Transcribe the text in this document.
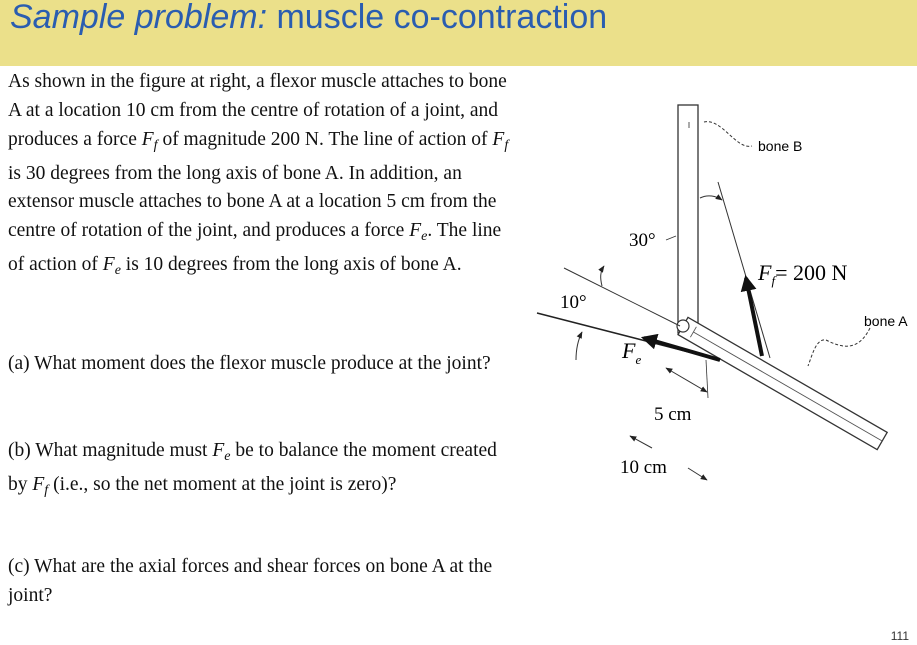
Sample problem: muscle co-contraction

As shown in the figure at right, a flexor muscle attaches to bone A at a location 10 cm from the centre of rotation of a joint, and produces a force $F_f$ of magnitude 200 N. The line of action of $F_f$ is 30 degrees from the long axis of bone A. In addition, an extensor muscle attaches to bone A at a location 5 cm from the centre of rotation of the joint, and produces a force $F_e$. The line of action of $F_e$ is 10 degrees from the long axis of bone A.

(a) What moment does the flexor muscle produce at the joint?

(b) What magnitude must $F_e$ be to balance the moment created by $F_f$ (i.e., so the net moment at the joint is zero)?

(c) What are the axial forces and shear forces on bone A at the joint?

bone B
bone A
$F_f= 200$ N
30°
$F_e$
10°
5 cm
10 cm
111
